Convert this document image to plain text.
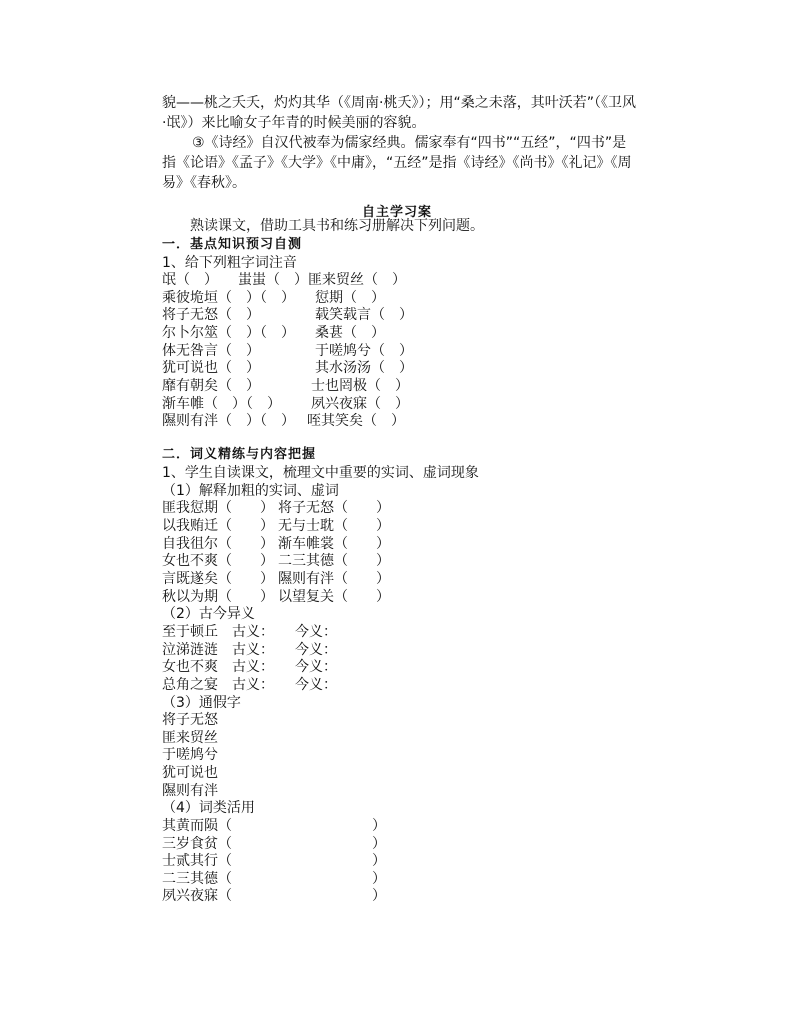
貌——桃之夭夭，灼灼其华（《周南·桃夭》）；用“桑之未落，其叶沃若”（《卫风·氓》）来比喻女子年青的时候美丽的容貌。
③《诗经》自汉代被奉为儒家经典。儒家奉有“四书”“五经”，“四书”是指《论语》《孟子》《大学》《中庸》，“五经”是指《诗经》《尚书》《礼记》《周易》《春秋》。
自主学习案
熟读课文，借助工具书和练习册解决下列问题。
一．基点知识预习自测
1、给下列粗字词注音
氓（　） 蚩蚩（　）匪来贸丝（　）
乘彼垝垣（　）（　） 愆期（　）
将子无怒（　）	载笑载言（　）
尔卜尔筮（　）（　） 桑葚（　）
体无咎言（　）	于嗟鸠兮（　）
犹可说也（　）	其水汤汤（　）
靡有朝矣（　）	士也罔极（　）
渐车帷（　）（　） 夙兴夜寐（　）
隰则有泮（　）（　） 咥其笑矣（　）
二．词义精练与内容把握
1、学生自读课文，梳理文中重要的实词、虚词现象
（1）解释加粗的实词、虚词
匪我愆期（　　） 将子无怒（　　）
以我贿迁（　　） 无与士耽（　　）
自我徂尔（　　） 渐车帷裳（　　）
女也不爽（　　） 二三其德（　　）
言既遂矣（　　） 隰则有泮（　　）
秋以为期（　　） 以望复关（　　）
（2）古今异义
至于顿丘　古义：　　今义：
泣涕涟涟　古义：　　今义：
女也不爽　古义：　　今义：
总角之宴　古义：　　今义：
（3）通假字
将子无怒
匪来贸丝
于嗟鸠兮
犹可说也
隰则有泮
（4）词类活用
其黄而陨（　　　　　　　　　　）
三岁食贫（　　　　　　　　　　）
士贰其行（　　　　　　　　　　）
二三其德（　　　　　　　　　　）
夙兴夜寐（　　　　　　　　　　）
